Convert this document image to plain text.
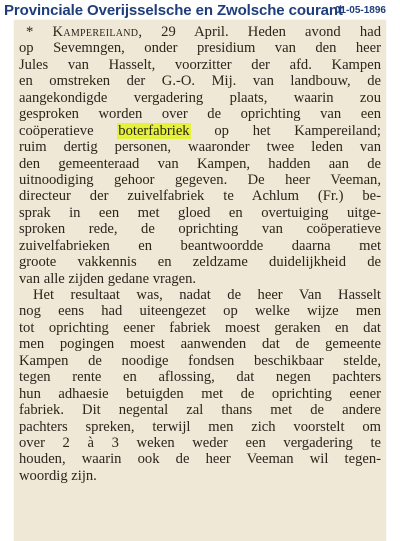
Provinciale Overijsselsche en Zwolsche courant
01-05-1896
* Kampereiland, 29 April. Heden avond had
op Sevemngen, onder presidium van den heer
Jules van Hasselt, voorzitter der afd. Kampen
en omstreken der G.-O. Mij. van landbouw, de
aangekondigde vergadering plaats, waarin zou
gesproken worden over de oprichting van een
coöperatieve boterfabriek op het Kampereiland;
ruim dertig personen, waaronder twee leden van
den gemeenteraad van Kampen, hadden aan de
uitnoodiging gehoor gegeven. De heer Veeman,
directeur der zuivelfabriek te Achlum (Fr.) be-
sprak in een met gloed en overtuiging uitge-
sproken rede, de oprichting van coöperatieve
zuivelfabrieken en beantwoordde daarna met
groote vakkennis en zeldzame duidelijkheid de
van alle zijden gedane vragen.
Het resultaat was, nadat de heer Van Hasselt
nog eens had uiteengezet op welke wijze men
tot oprichting eener fabriek moest geraken en dat
men pogingen moest aanwenden dat de gemeente
Kampen de noodige fondsen beschikbaar stelde,
tegen rente en aflossing, dat negen pachters
hun adhaesie betuigden met de oprichting eener
fabriek. Dit negental zal thans met de andere
pachters spreken, terwijl men zich voorstelt om
over 2 à 3 weken weder een vergadering te
houden, waarin ook de heer Veeman wil tegen-
woordig zijn.
